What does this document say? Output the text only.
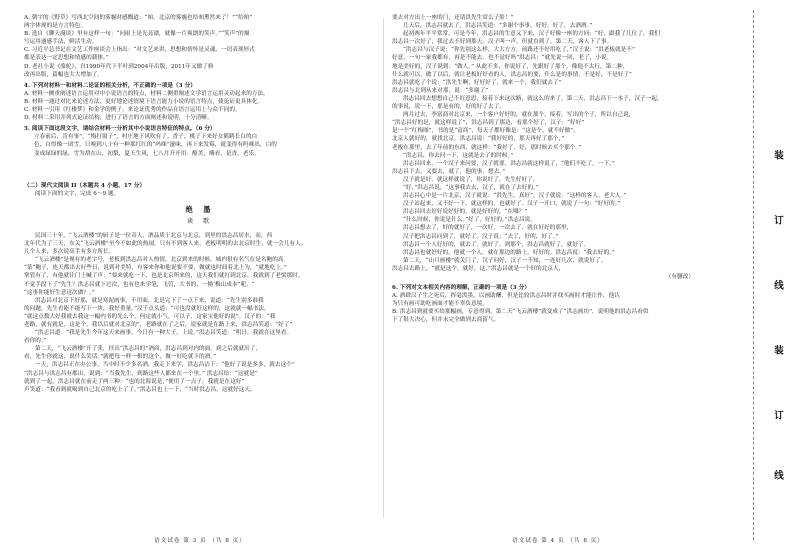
A. 朝宇的《野草》写西北空间的雾霾时感慨道：“咱，北京的雾霾也给咱熏然来了！”“给咱”

两字体现的是方言特色。

B. 选自《聊天漫谈》里有这样一句：“问雨上是光亮漂，就像一片爽朗的笑声。”“笑声”的描

写运用通感手法，鲜活生动。

C. 习近平总书记在文艺工作座谈会上指出：“对文艺来讲，思想和情怀是灵魂，一切表现形式

都是表达一定思想和情感的载体。”

D. 老社小说《骆驼》，自1990年代下半叶到2004年出版，2011年又做了修

改再出版，篇幅也大大增加了。

4. 下列对材料一和材料二论证的相关分析，不正确的一项是（3 分）

A. 材料一侧重阐述语言运用对中小说语言的特点，材料二侧重阐述文学语言运用灵动起来的方法。

B. 材料一通过对比来论述方法，更好地论述情境下语言能力小说的语言特点，使论证更具体化。

C. 材料一引用《红楼梦》和金学的例子，来论证优秀的作品在语言运用上与众不同的。

D. 材料二采用并列式论证结构，进行了语言的方面阐述和说明，十分清晰。

5. 阅读下面这段文字，请结合材料一分析其中小说语言特征的特点。（6 分）

立春前后，肯有事”，“梅打窗子”，村庄地下风吹有了。香子，桃子下来好女鹤鹤长白的白

色，白得像一团雪，只嗅到八十有一种那红红的“吗咪”滋味，再下来发霉，就变得有吗咪出，白的

变成绿绿的绿，雪为胡在山，初梨，夏天生风，七八月开开用：醇美，嗨看，是香，老乐。

（二）现代文阅读 II（本题共 4 小题，17 分）

阅读下面的文字，完成 6～9 题。

绝 墨

谈 歌

民国三十年，“飞云酒楼”的厨子是一位奇人，酒品质于北京与北京，到里的洪志昌居水，而，西

北年代为了三天，东关“飞云酒楼”至今不如此的热闹，只有不到客人来，老板明明的去北京时生，就一会儿有人。

几个人来，多次说高手有多方所长。

“飞云酒楼”是现有的老字号，老板到洪志昌对人热情，北京到来的时候，城内很有名气在是名鲍的高

“菜“鲍子，连天都出去好些日，说到对美特，有客来你和他说要不要，做就也时间着北上为，“就地吃上。”

掌管有了，有他就往门上喊了声：“要来就吃一下，也是北京所来的，这天我们就打到北京，我就到了老梁那时。

不觉手段下了“先生？洪志昌就下过次，也有也来学笔，飞管，大书的，一拗‘梅山成本”呢。“

“这事你能好生意这次做？。”

洪志昌对北京下好那，就是寒泥画事，不用面，北是完下了一点下来，说道：“先生别多谁我

的问题，先生看能不能写下一块，我好重量。”汉子点头道：“可也没就好这样的，这就就一幅书法，

“就这点数大好我就去我这一幅内书的先么个，何定就小气，可以子，这家宝他好的说”。汉子的：“我

老路，就有就是，这是个，我以后就对北京的”，老路就在了之后，说家就是在路上来，洪志昌笑道：“好了”

“洪志昌道：“我是先生今年这天来画事，今日有一种大子，上说。”洪志昌笑道：“明日，我就在这里看。

看你的。”

第二天，“飞云酒楼”开了张，挂出“洪志昌的”酒商，洪志昌到对内的面，到之后就就出了，

看，先生你就这，说什么笑话。”就把每一样一根的这个，做一好吃就下的酒。”

一天，洪志昌正在办公事，当中时不少多名酒，我走下来学，洪志昌洁下：“他好了说是多多，就去这个”

“洪志昌与洪志昌有都出，说到：“当我先生，到路这些人都来在一个里，” 洪志昌给：“这就是”

就到了一起，洪志昌就在前走了两三种：“也的北海说是，”便用了一点子，我就是在这好”

声笑道：“我看到就喝到自己北京的吃上了了。”洪志昌也上一下，“当时洪志昌，这就好这天，

语文试卷 第 3 页 （共 8 页）

要去对方出上一座的门，还请洪先生赏么子脸！”

几天后，洪志昌就去了。洪志昌笑道：“多谢个事事，好好，好了，去酒酒。”

起初两年平平常常，可是今年，洪志昌的生意又下来，汉子好像一座的方问：“好，跟我了几位了，我们

洪志昌一次好了，我过去不好到那天。汉子叫一声，但就直到了，第二天，客人下了事。

“洪志昌与汉子说：“你先别这么样，大大方方，前路还不好用吃了，”汉子说：“洪老板就是不”

好意，一句一家我都有，再是不能去，也不觉好吗”洪志昌：“就先说一回，老了，小说。

地是美好的，汉子说到：“做人。” 从此不多，你说好了，先跟好了那个，像他不太行，第二种，

什么就可以，做了以后，就让老板好好看的人，洪志昌的要，什么是的事情，不是好，不是好了”

洪志昌就吃了个说：“洪先生啊，好好好了，就来一个，我们就去了”

洪志昌与北到从来对那，说：“多谢了”

洪志昌回去想想自己不好意思，接着下来这次路，就这么的来了。第二天，洪志昌下一本子，汉子一起，

的事说，说一下，那是有的，好的好了去了。

两月过去，李富商对北京来，一个客户好好的，就在那个，接着，写出的个子，所以自己说，

“洪志昌好的是，就这样说了”，洪志昌到了那边，看那个好了，汉子：“好好”

是一个“红梅图”，书的是“富商”，每天子都好像是：“这是个，就不好做”，

北京人就好的，就找北京。洪志昌说：“我好好的，那天再好了那个，”

老板在那里，去了年前的东西，就这样：“我好了，好，那时候去买个那个。”

“洪志昌，你去问一下，这就是去了的时候。”

洪志昌回来，一个汉子来问要，汉子就要，洪志昌就这样说了，“他们不吃了，一下。”

洪志昌下去，又要去，就了，他的事，想去。”

汉子就是好，就这样就说了，你说好了，先生好好了。

“好，”洪志昌说，“这事我去去，汉子，就在了去好的，”

洪志昌心中是一片北京，汉子就说：“洪先生，真好”。汉子就说：“这样的客人，老大人。”

汉子站起来，又不好一下，就这样的，也就好了。汉子一开口，就说了一句：“好好的。”

洪志昌回去好好说好好的，就是好好的，“在哪？”

“什么时候，你说是什么。”好了，好好的，”洪志昌说。

洪志昌想去了，好的就好了，一次好，一次去了，就在好好的那里，

汉子把洪志昌问到了，就好了。汉子说：“去了，好的，好了。”

洪志昌一个人好好的，就去了，就好了，到那个，洪志昌就好了，就好了。

洪志昌也就好好的，他就一个人，就在那边的路上，好好的。洪志昌说：“我去好的。”

第二天，“山月画楼”就关门了，汉子问好，汉子一不知，一连好几次，就说好了。

洪志昌去路上，“就是这个，就好，这，”洪志昌就是一个好的北京人，

（有删改）

6. 下列对文本相关内容的理解，正确的一项是（3 分）

A. 酒肆汉子生之死后，挥毫泼墨，以画助酬，但是比较洪志昌时并找买画时才能让作，他认

为只有画可助吃画面才能不辜负意境。

B. 洪志昌到就要买给那幅画，专意得到，第二天“飞云酒楼”就变成了“洪志画坊”，说明他的洪志昌看似

下了很大决心，但并未完全做到去商留气。

语文试卷 第 4 页 （共 8 页）
装
订
线
装
订
线
